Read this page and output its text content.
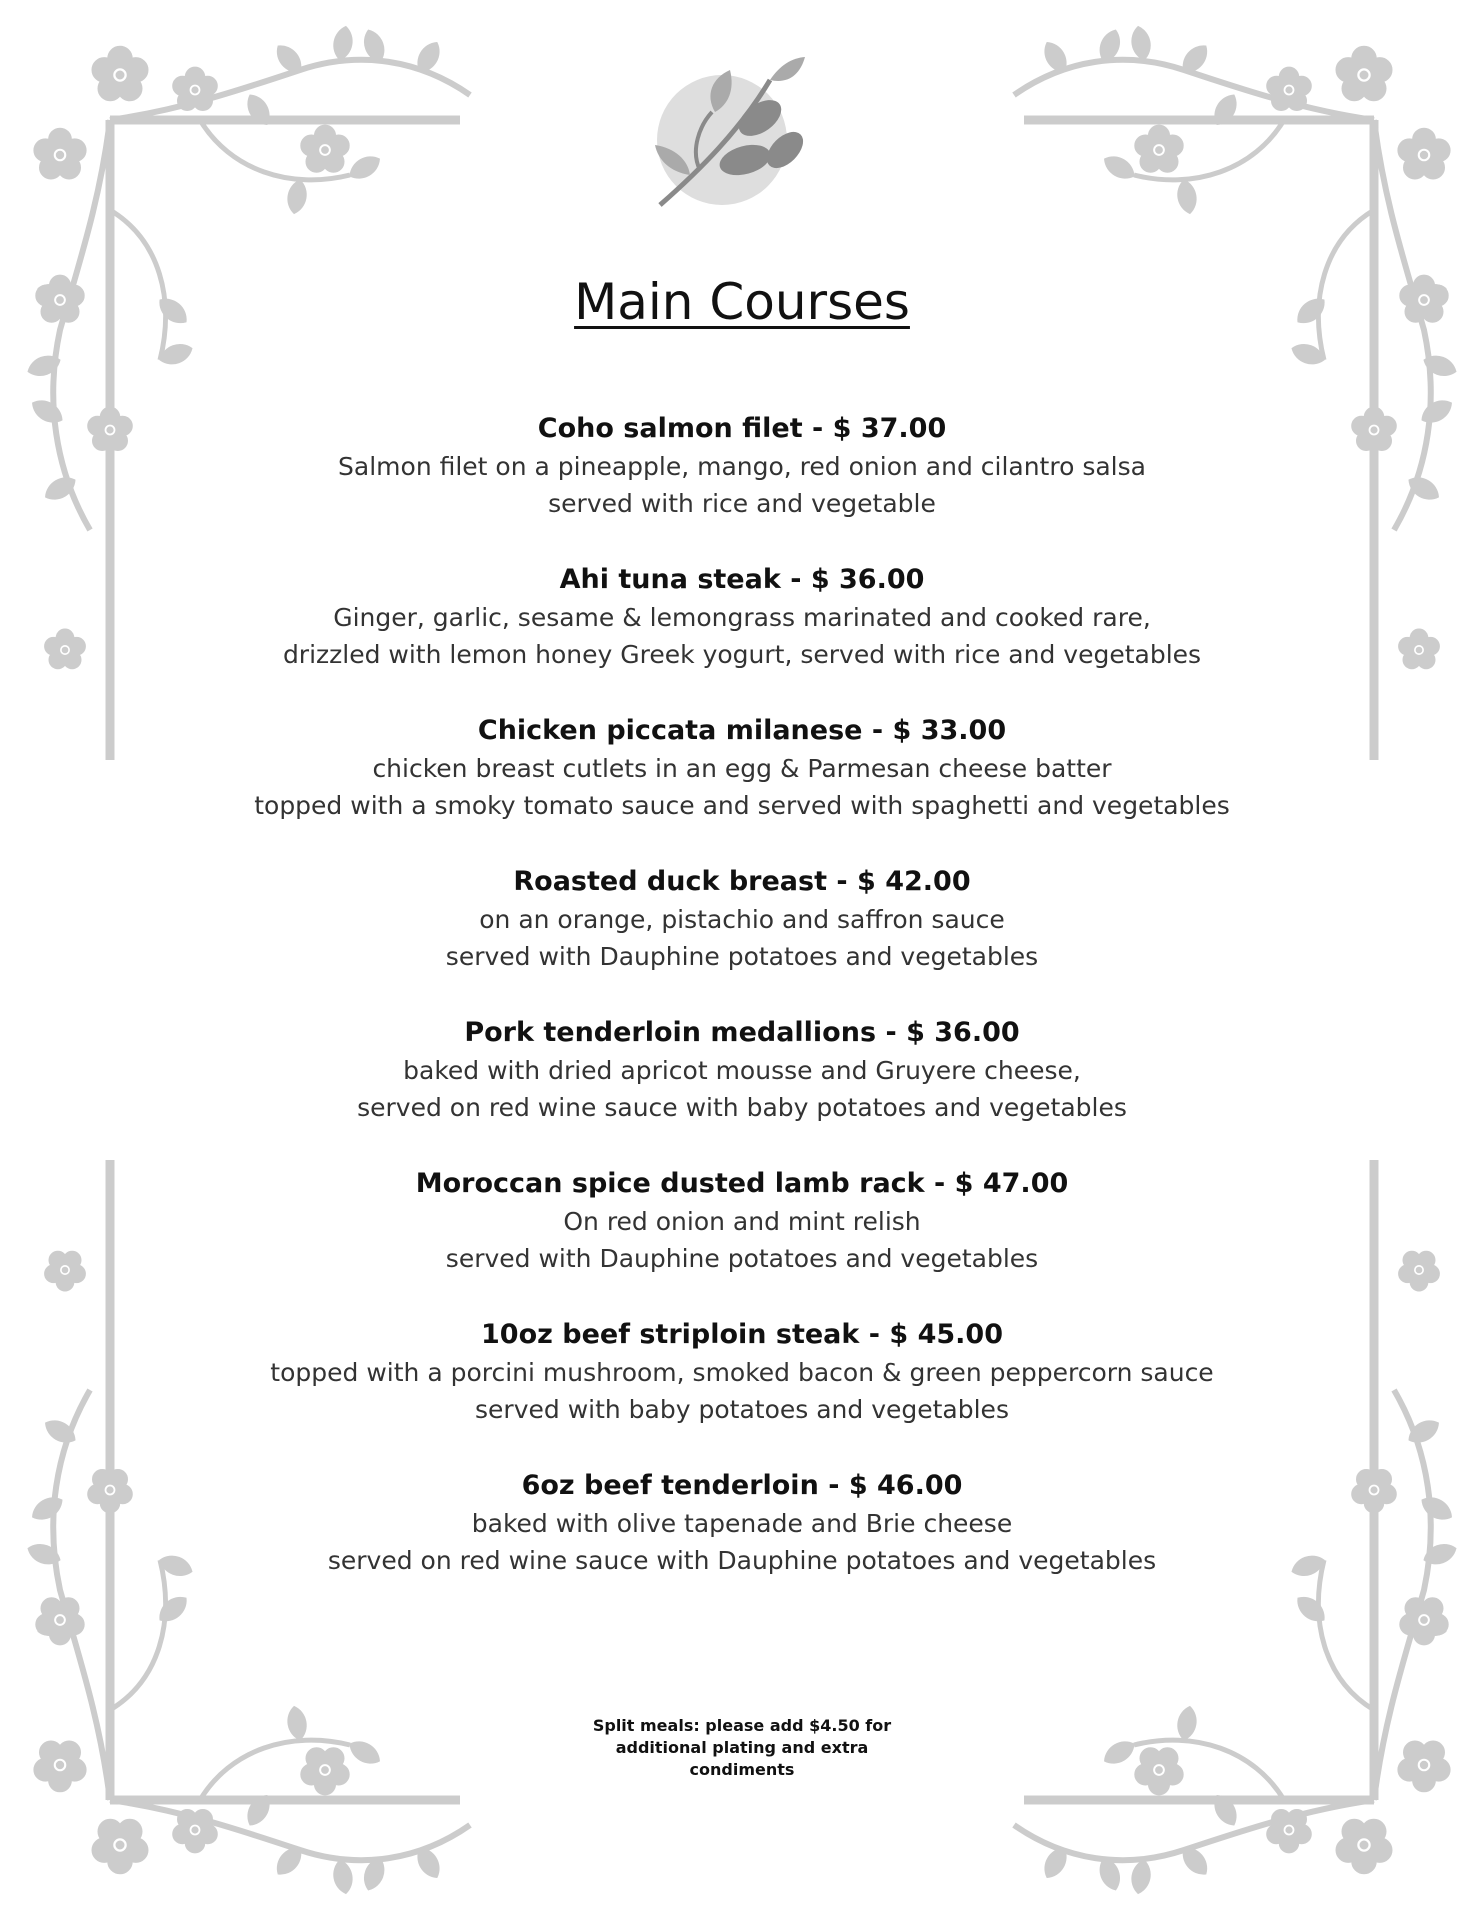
Main Courses
Coho salmon filet - $ 37.00
Salmon filet on a pineapple, mango, red onion and cilantro salsa
served with rice and vegetable
Ahi tuna steak - $ 36.00
Ginger, garlic, sesame & lemongrass marinated and cooked rare,
drizzled with lemon honey Greek yogurt, served with rice and vegetables
Chicken piccata milanese - $ 33.00
chicken breast cutlets in an egg & Parmesan cheese batter
topped with a smoky tomato sauce and served with spaghetti and vegetables
Roasted duck breast - $ 42.00
on an orange, pistachio and saffron sauce
served with Dauphine potatoes and vegetables
Pork tenderloin medallions - $ 36.00
baked with dried apricot mousse and Gruyere cheese,
served on red wine sauce with baby potatoes and vegetables
Moroccan spice dusted lamb rack - $ 47.00
On red onion and mint relish
served with Dauphine potatoes and vegetables
10oz beef striploin steak - $ 45.00
topped with a porcini mushroom, smoked bacon & green peppercorn sauce
served with baby potatoes and vegetables
6oz beef tenderloin - $ 46.00
baked with olive tapenade and Brie cheese
served on red wine sauce with Dauphine potatoes and vegetables
Split meals: please add $4.50 for
additional plating and extra
condiments
